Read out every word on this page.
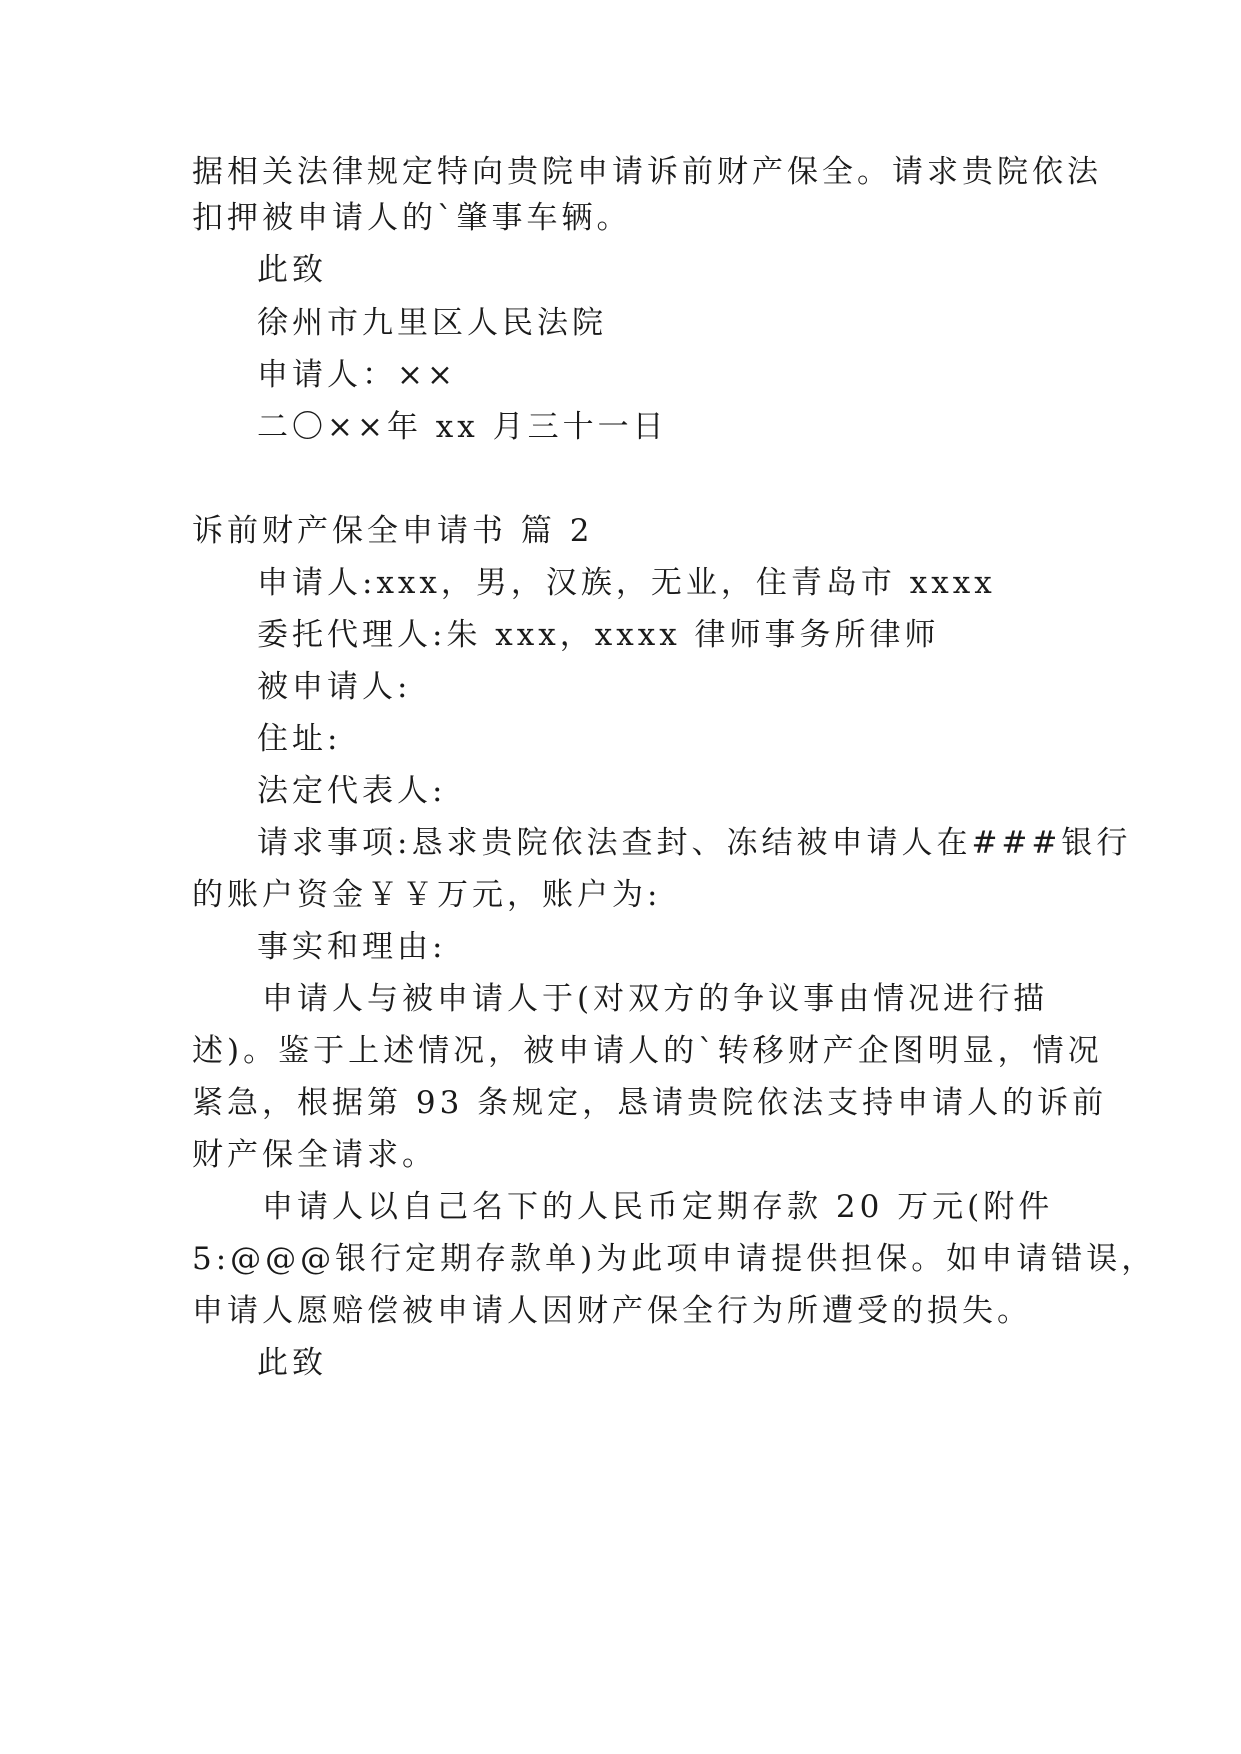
据相关法律规定特向贵院申请诉前财产保全。请求贵院依法
扣押被申请人的`肇事车辆。
此致
徐州市九里区人民法院
申请人：××
二〇××年 xx 月三十一日
诉前财产保全申请书 篇 2
申请人:xxx，男，汉族，无业，住青岛市 xxxx
委托代理人:朱 xxx，xxxx 律师事务所律师
被申请人:
住址:
法定代表人:
请求事项:恳求贵院依法查封、冻结被申请人在###银行
的账户资金￥￥万元，账户为:
事实和理由:
申请人与被申请人于(对双方的争议事由情况进行描
述)。鉴于上述情况，被申请人的`转移财产企图明显，情况
紧急，根据第 93 条规定，恳请贵院依法支持申请人的诉前
财产保全请求。
申请人以自己名下的人民币定期存款 20 万元(附件
5:@@@银行定期存款单)为此项申请提供担保。如申请错误，
申请人愿赔偿被申请人因财产保全行为所遭受的损失。
此致
